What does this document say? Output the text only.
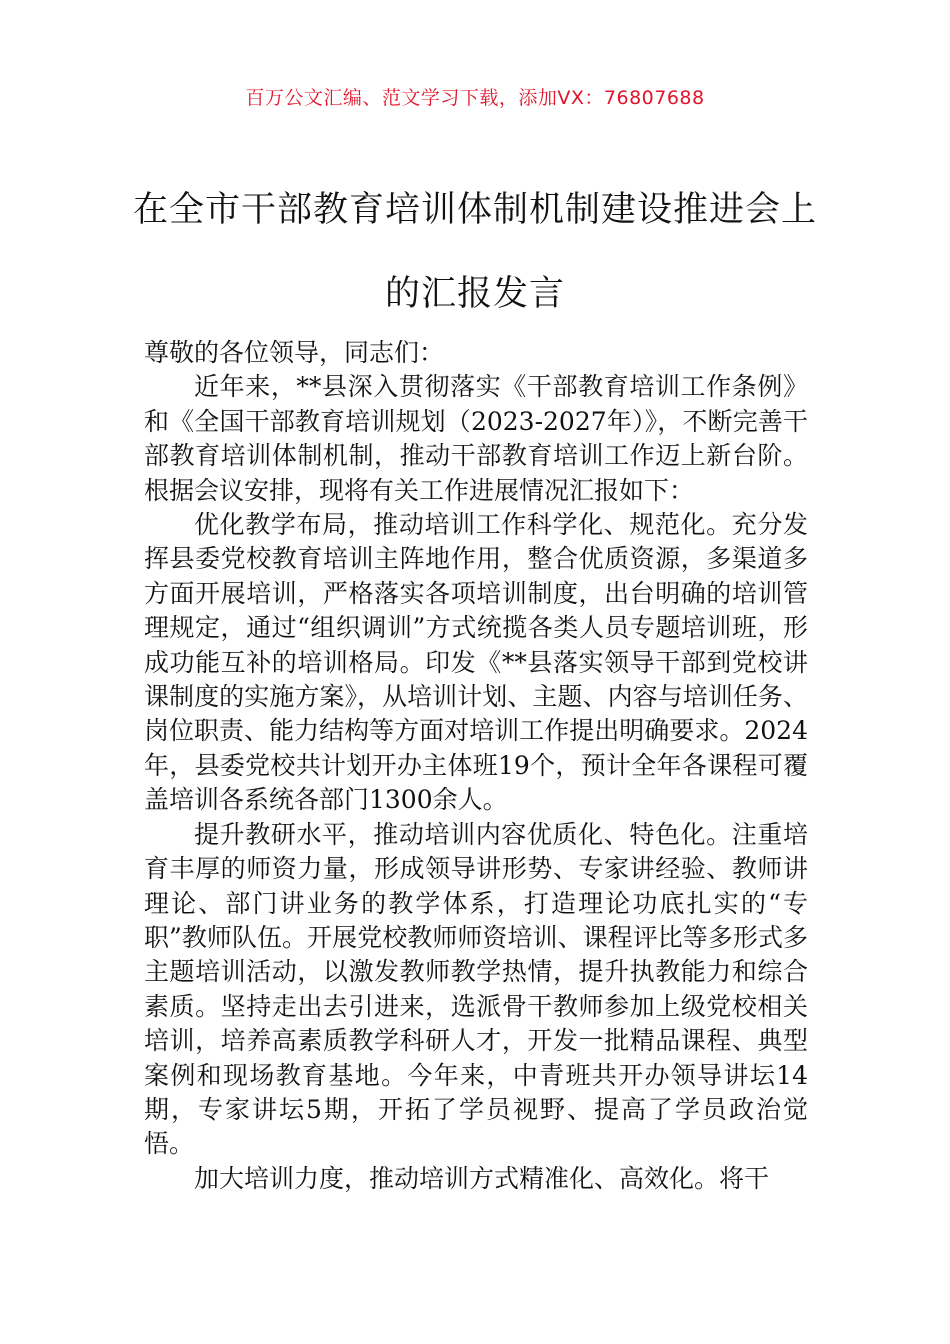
百万公文汇编、范文学习下载，添加VX：76807688
在全市干部教育培训体制机制建设推进会上的汇报发言

尊敬的各位领导，同志们：

近年来，**县深入贯彻落实《干部教育培训工作条例》和《全国干部教育培训规划（2023-2027年）》，不断完善干部教育培训体制机制，推动干部教育培训工作迈上新台阶。根据会议安排，现将有关工作进展情况汇报如下：

优化教学布局，推动培训工作科学化、规范化。充分发挥县委党校教育培训主阵地作用，整合优质资源，多渠道多方面开展培训，严格落实各项培训制度，出台明确的培训管理规定，通过“组织调训”方式统揽各类人员专题培训班，形成功能互补的培训格局。印发《**县落实领导干部到党校讲课制度的实施方案》，从培训计划、主题、内容与培训任务、岗位职责、能力结构等方面对培训工作提出明确要求。2024年，县委党校共计划开办主体班19个，预计全年各课程可覆盖培训各系统各部门1300余人。

提升教研水平，推动培训内容优质化、特色化。注重培育丰厚的师资力量，形成领导讲形势、专家讲经验、教师讲理论、部门讲业务的教学体系，打造理论功底扎实的“专职”教师队伍。开展党校教师师资培训、课程评比等多形式多主题培训活动，以激发教师教学热情，提升执教能力和综合素质。坚持走出去引进来，选派骨干教师参加上级党校相关培训，培养高素质教学科研人才，开发一批精品课程、典型案例和现场教育基地。今年来，中青班共开办领导讲坛14期，专家讲坛5期，开拓了学员视野、提高了学员政治觉悟。

加大培训力度，推动培训方式精准化、高效化。将干
